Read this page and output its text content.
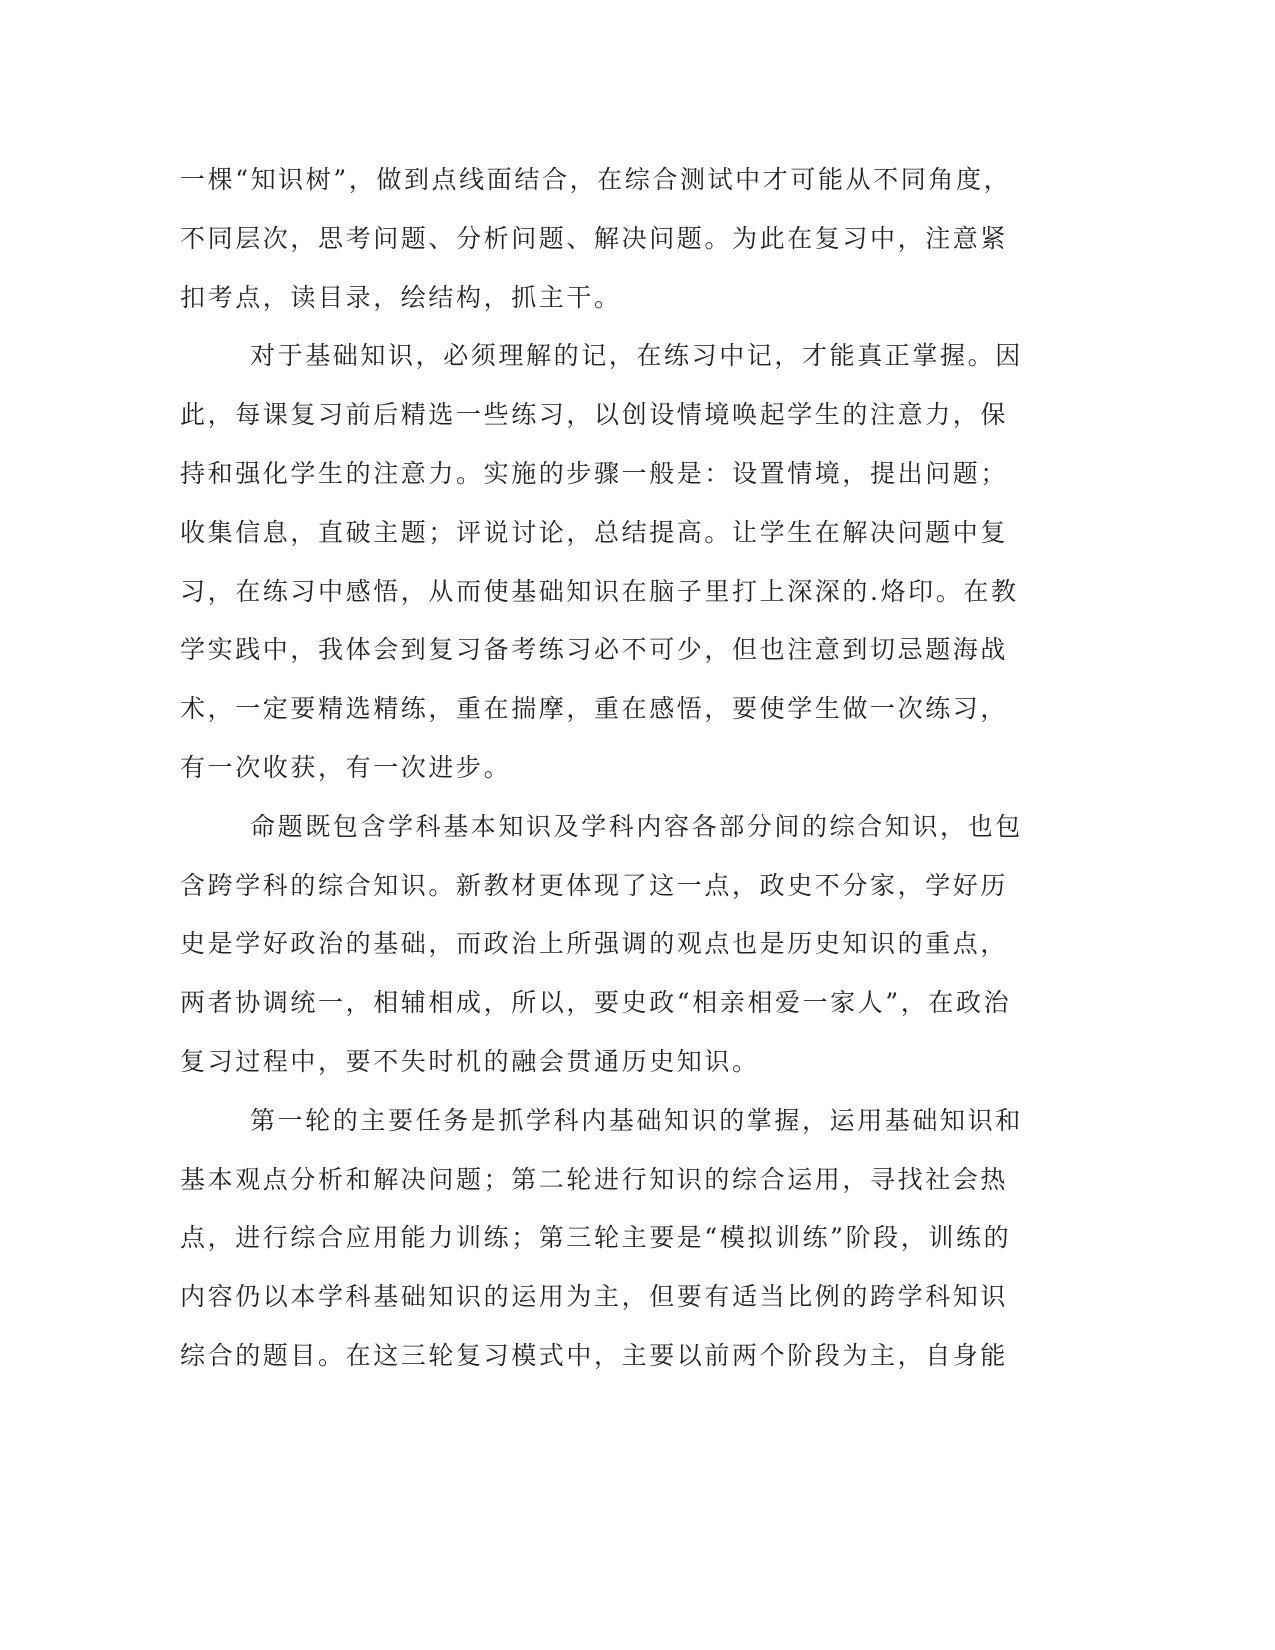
一棵“知识树”，做到点线面结合，在综合测试中才可能从不同角度，
不同层次，思考问题、分析问题、解决问题。为此在复习中，注意紧
扣考点，读目录，绘结构，抓主干。
对于基础知识，必须理解的记，在练习中记，才能真正掌握。因
此，每课复习前后精选一些练习，以创设情境唤起学生的注意力，保
持和强化学生的注意力。实施的步骤一般是：设置情境，提出问题；
收集信息，直破主题；评说讨论，总结提高。让学生在解决问题中复
习，在练习中感悟，从而使基础知识在脑子里打上深深的.烙印。在教
学实践中，我体会到复习备考练习必不可少，但也注意到切忌题海战
术，一定要精选精练，重在揣摩，重在感悟，要使学生做一次练习，
有一次收获，有一次进步。
命题既包含学科基本知识及学科内容各部分间的综合知识，也包
含跨学科的综合知识。新教材更体现了这一点，政史不分家，学好历
史是学好政治的基础，而政治上所强调的观点也是历史知识的重点，
两者协调统一，相辅相成，所以，要史政“相亲相爱一家人”，在政治
复习过程中，要不失时机的融会贯通历史知识。
第一轮的主要任务是抓学科内基础知识的掌握，运用基础知识和
基本观点分析和解决问题；第二轮进行知识的综合运用，寻找社会热
点，进行综合应用能力训练；第三轮主要是“模拟训练”阶段，训练的
内容仍以本学科基础知识的运用为主，但要有适当比例的跨学科知识
综合的题目。在这三轮复习模式中，主要以前两个阶段为主，自身能
